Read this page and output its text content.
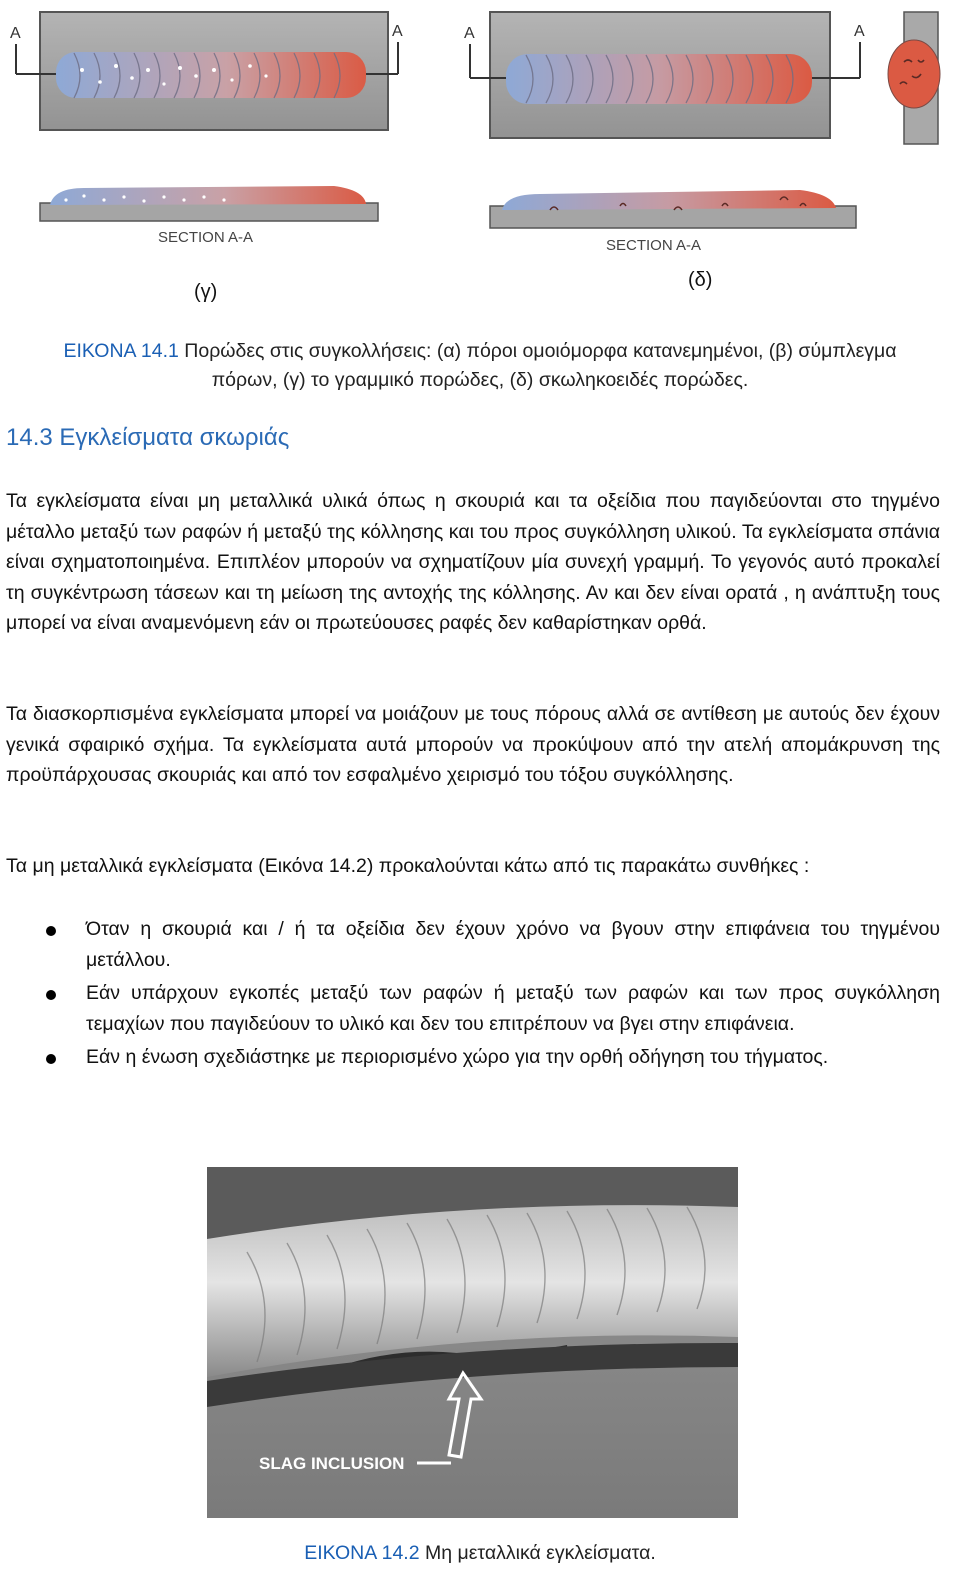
A	A
SECTION A-A
(γ)
A	A
SECTION A-A
(δ)
ΕΙΚΟΝΑ 14.1 Πορώδες στις συγκολλήσεις: (α) πόροι ομοιόμορφα κατανεμημένοι, (β) σύμπλεγμα
πόρων, (γ) το γραμμικό πορώδες, (δ) σκωληκοειδές πορώδες.
14.3 Εγκλείσματα σκωριάς
Τα εγκλείσματα είναι μη μεταλλικά υλικά όπως η σκουριά και τα οξείδια που παγιδεύονται στο τηγμένο μέταλλο μεταξύ των ραφών ή μεταξύ της κόλλησης και του προς συγκόλληση υλικού. Τα εγκλείσματα σπάνια είναι σχηματοποιημένα. Επιπλέον μπορούν να σχηματίζουν μία συνεχή γραμμή. Το γεγονός αυτό προκαλεί τη συγκέντρωση τάσεων και τη μείωση της αντοχής της κόλλησης. Αν και δεν είναι ορατά , η ανάπτυξη τους μπορεί να είναι αναμενόμενη εάν οι πρωτεύουσες ραφές δεν καθαρίστηκαν ορθά.
Τα διασκορπισμένα εγκλείσματα μπορεί να μοιάζουν με τους πόρους αλλά σε αντίθεση με αυτούς δεν έχουν γενικά σφαιρικό σχήμα. Τα εγκλείσματα αυτά μπορούν να προκύψουν από την ατελή απομάκρυνση της προϋπάρχουσας σκουριάς και από τον εσφαλμένο χειρισμό του τόξου συγκόλλησης.
Τα μη μεταλλικά εγκλείσματα (Εικόνα 14.2) προκαλούνται κάτω από τις παρακάτω συνθήκες :
Όταν η σκουριά και / ή τα οξείδια δεν έχουν χρόνο να βγουν στην επιφάνεια του τηγμένου μετάλλου.
Εάν υπάρχουν εγκοπές μεταξύ των ραφών ή μεταξύ των ραφών και των προς συγκόλληση τεμαχίων που παγιδεύουν το υλικό και δεν του επιτρέπουν να βγει στην επιφάνεια.
Εάν η ένωση σχεδιάστηκε με περιορισμένο χώρο για την ορθή οδήγηση του τήγματος.
SLAG INCLUSION
ΕΙΚΟΝΑ 14.2 Μη μεταλλικά εγκλείσματα.
